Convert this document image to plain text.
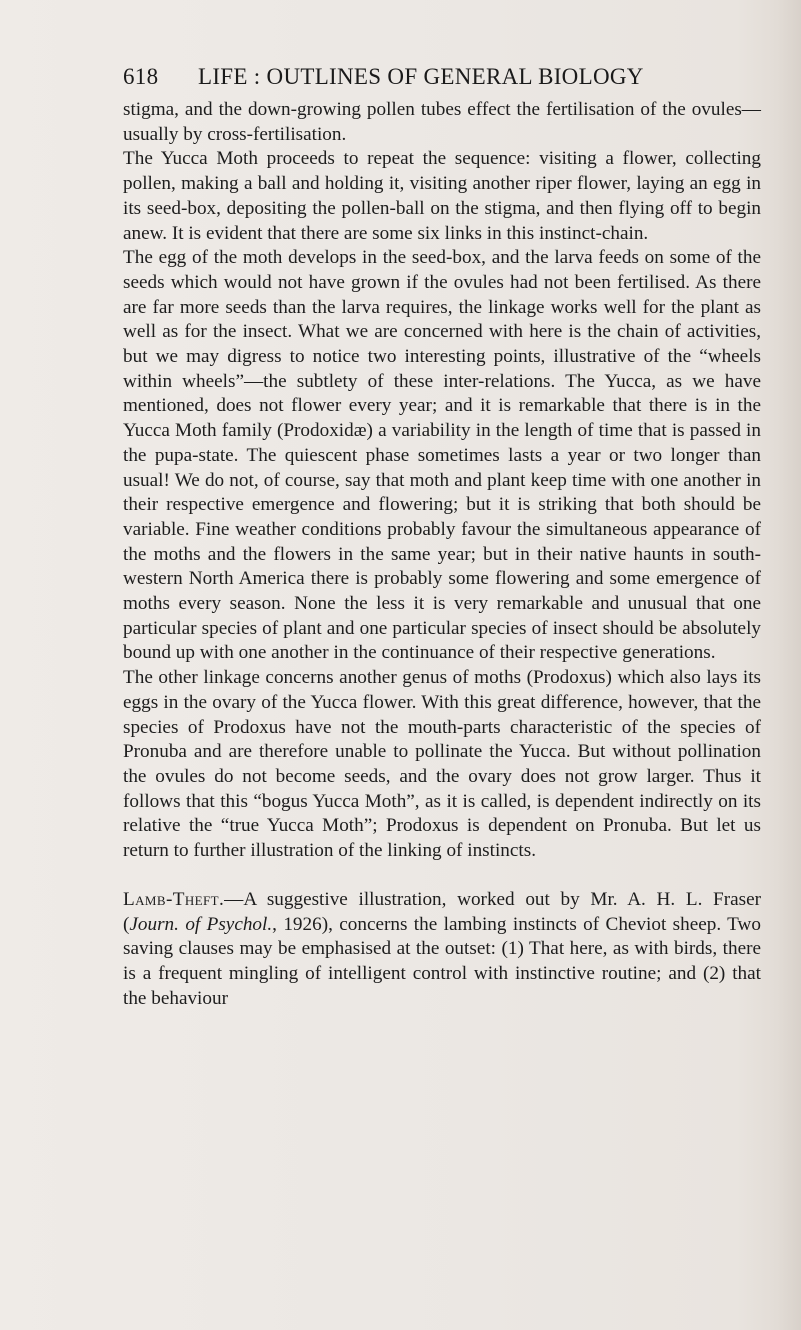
618 LIFE : OUTLINES OF GENERAL BIOLOGY

stigma, and the down-growing pollen tubes effect the fertilisation of the ovules—usually by cross-fertilisation.

The Yucca Moth proceeds to repeat the sequence: visiting a flower, collecting pollen, making a ball and holding it, visiting another riper flower, laying an egg in its seed-box, depositing the pollen-ball on the stigma, and then flying off to begin anew. It is evident that there are some six links in this instinct-chain.

The egg of the moth develops in the seed-box, and the larva feeds on some of the seeds which would not have grown if the ovules had not been fertilised. As there are far more seeds than the larva requires, the linkage works well for the plant as well as for the insect. What we are concerned with here is the chain of activities, but we may digress to notice two interesting points, illustrative of the “wheels within wheels”—the subtlety of these inter-relations. The Yucca, as we have mentioned, does not flower every year; and it is remarkable that there is in the Yucca Moth family (Prodoxidæ) a variability in the length of time that is passed in the pupa-state. The quiescent phase sometimes lasts a year or two longer than usual! We do not, of course, say that moth and plant keep time with one another in their respective emergence and flowering; but it is striking that both should be variable. Fine weather conditions probably favour the simultaneous appearance of the moths and the flowers in the same year; but in their native haunts in south-western North America there is probably some flowering and some emergence of moths every season. None the less it is very remarkable and unusual that one particular species of plant and one particular species of insect should be absolutely bound up with one another in the continuance of their respective generations.

The other linkage concerns another genus of moths (Prodoxus) which also lays its eggs in the ovary of the Yucca flower. With this great difference, however, that the species of Prodoxus have not the mouth-parts characteristic of the species of Pronuba and are therefore unable to pollinate the Yucca. But without pollination the ovules do not become seeds, and the ovary does not grow larger. Thus it follows that this “bogus Yucca Moth”, as it is called, is dependent indirectly on its relative the “true Yucca Moth”; Prodoxus is dependent on Pronuba. But let us return to further illustration of the linking of instincts.

Lamb-Theft.—A suggestive illustration, worked out by Mr. A. H. L. Fraser (Journ. of Psychol., 1926), concerns the lambing instincts of Cheviot sheep. Two saving clauses may be emphasised at the outset: (1) That here, as with birds, there is a frequent mingling of intelligent control with instinctive routine; and (2) that the behaviour
